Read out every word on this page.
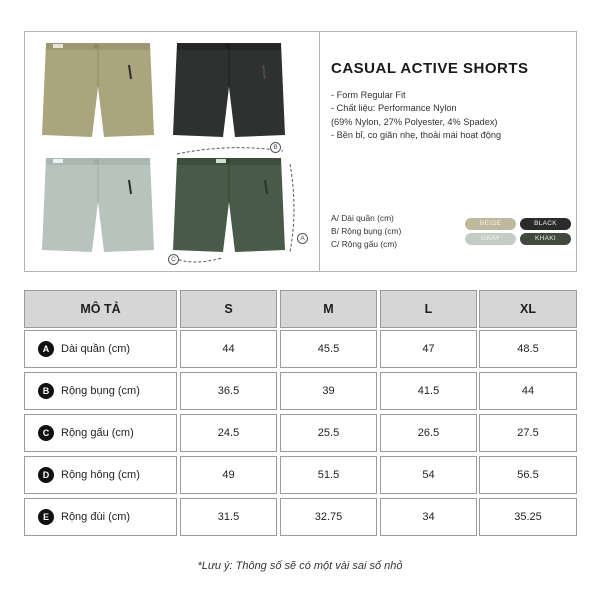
B
A
C
CASUAL ACTIVE SHORTS
- Form Regular Fit
- Chất liệu: Performance Nylon
(69% Nylon, 27% Polyester, 4% Spadex)
- Bền bỉ, co giãn nhẹ, thoải mái hoạt động
A/ Dài quần (cm)
B/ Rộng bụng (cm)
C/ Rộng gấu (cm)
BEIGE	BLACK
GRAY	KHAKI
MÔ TẢ	S	M	L	XL
A	Dài quần (cm)	44	45.5	47	48.5
B	Rộng bụng (cm)	36.5	39	41.5	44
C	Rộng gấu (cm)	24.5	25.5	26.5	27.5
D	Rộng hông (cm)	49	51.5	54	56.5
E	Rộng đùi (cm)	31.5	32.75	34	35.25
*Lưu ý: Thông số sẽ có một vài sai số nhỏ
